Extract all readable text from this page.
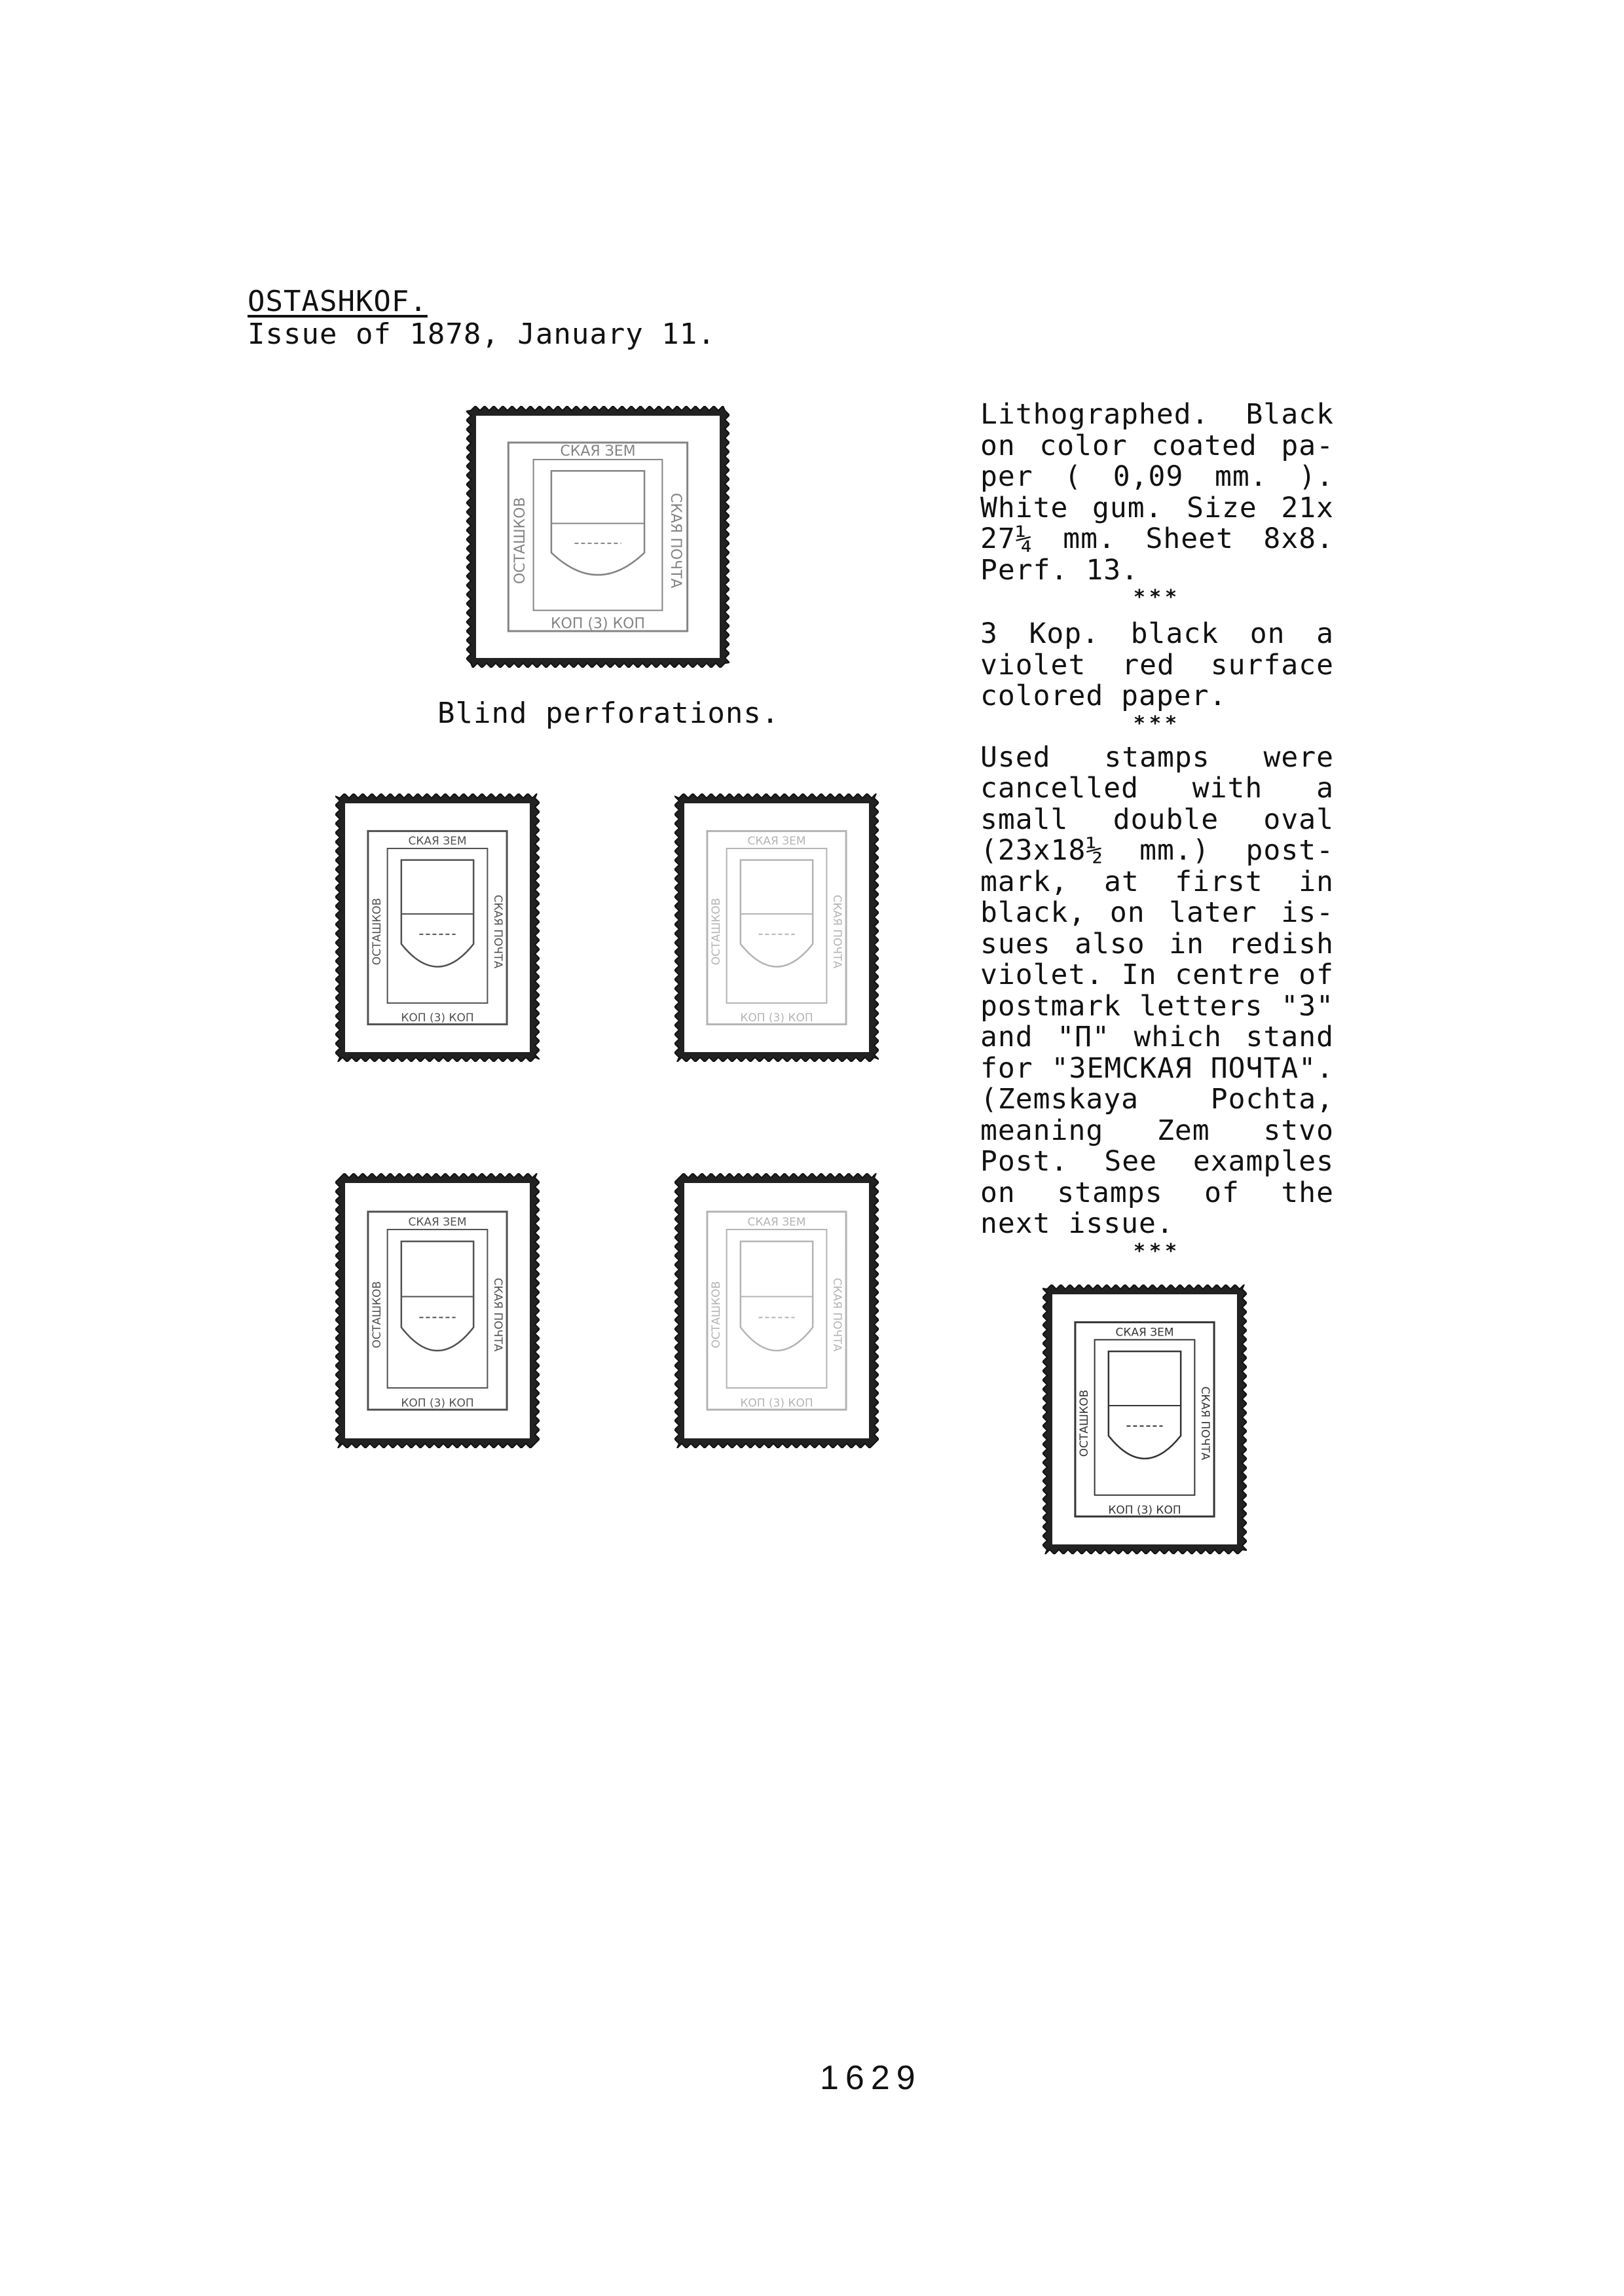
OSTASHKOF.
Issue of 1878, January 11.
СКАЯ ЗЕМ
КОП (3) КОП
ОСТАШКОВ	СКАЯ ПОЧТА
Blind perforations.
СКАЯ ЗЕМ
КОП (3) КОП
ОСТАШКОВ	СКАЯ ПОЧТА
СКАЯ ЗЕМ
КОП (3) КОП
ОСТАШКОВ	СКАЯ ПОЧТА
СКАЯ ЗЕМ
КОП (3) КОП
ОСТАШКОВ	СКАЯ ПОЧТА
СКАЯ ЗЕМ
КОП (3) КОП
ОСТАШКОВ	СКАЯ ПОЧТА	СКАЯ ЗЕМ
КОП (3) КОП
ОСТАШКОВ	СКАЯ ПОЧТА

Lithographed. Black on color coated pa- per ( 0,09 mm. ). White gum. Size 21x 27¼ mm. Sheet 8x8. Perf. 13.

***

3 Kop. black on a violet red surface colored paper.

***

Used stamps were cancelled with a small double oval (23x18½ mm.) post- mark, at first in black, on later is- sues also in redish violet. In centre of postmark letters "3" and "П" which stand for "ЗЕМСКАЯ ПОЧТА". (Zemskaya Pochta, meaning Zem stvo Post. See examples on stamps of the next issue.

***

1629
